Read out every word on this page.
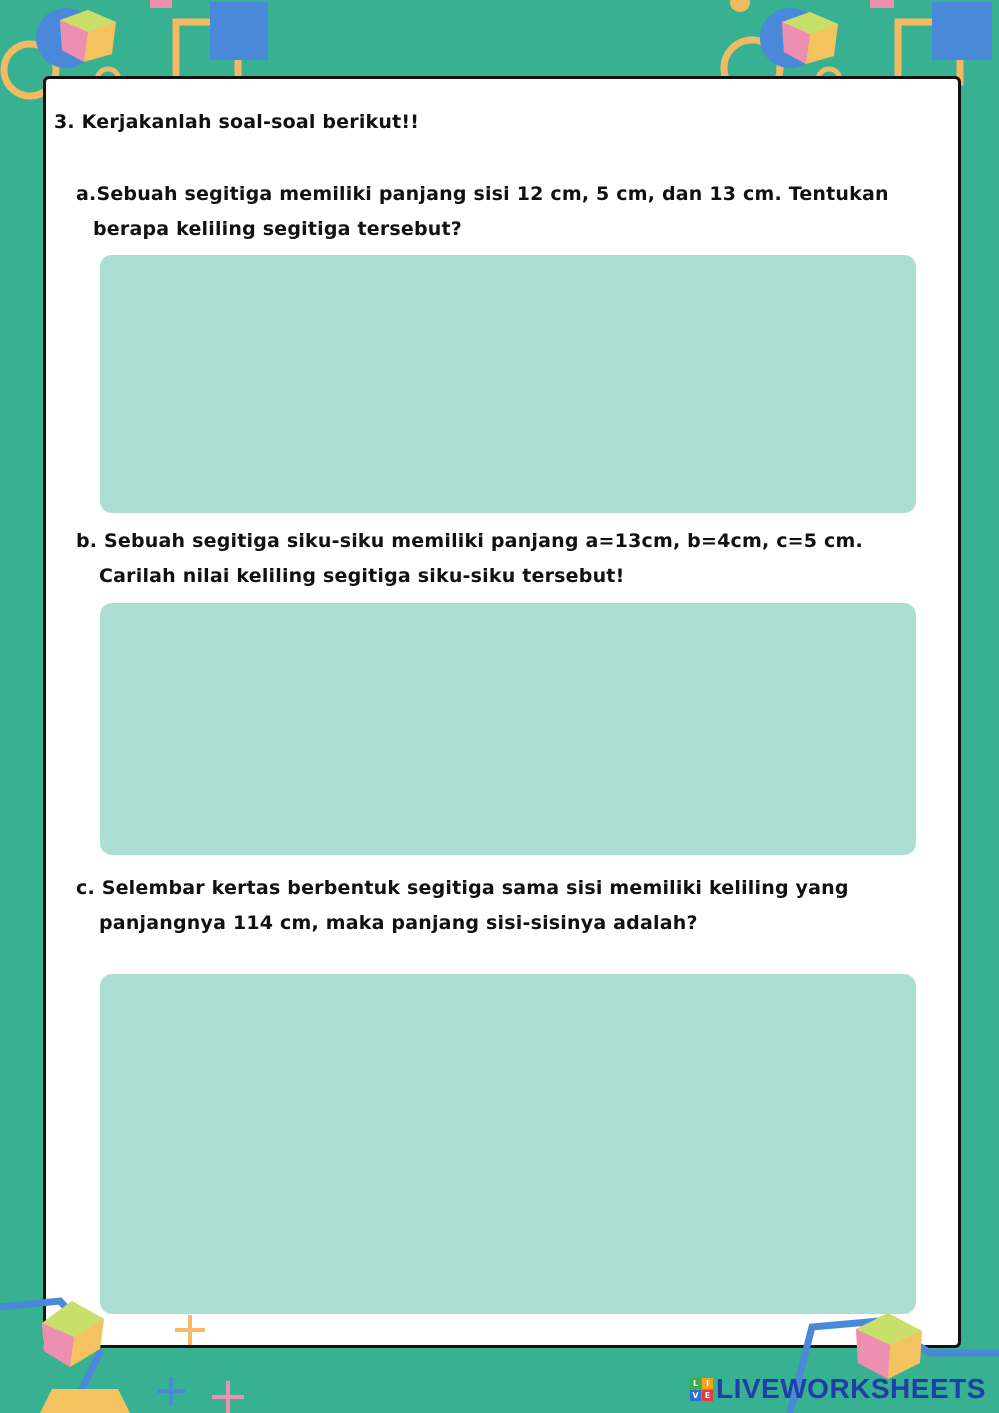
3. Kerjakanlah soal-soal berikut!!
a.Sebuah segitiga memiliki panjang sisi 12 cm, 5 cm, dan 13 cm. Tentukan
berapa keliling segitiga tersebut?
b. Sebuah segitiga siku-siku memiliki panjang a=13cm, b=4cm, c=5 cm.
Carilah nilai keliling segitiga siku-siku tersebut!
c. Selembar kertas berbentuk segitiga sama sisi memiliki keliling yang
panjangnya 114 cm, maka panjang sisi-sisinya adalah?
L I
V E LIVEWORKSHEETS
